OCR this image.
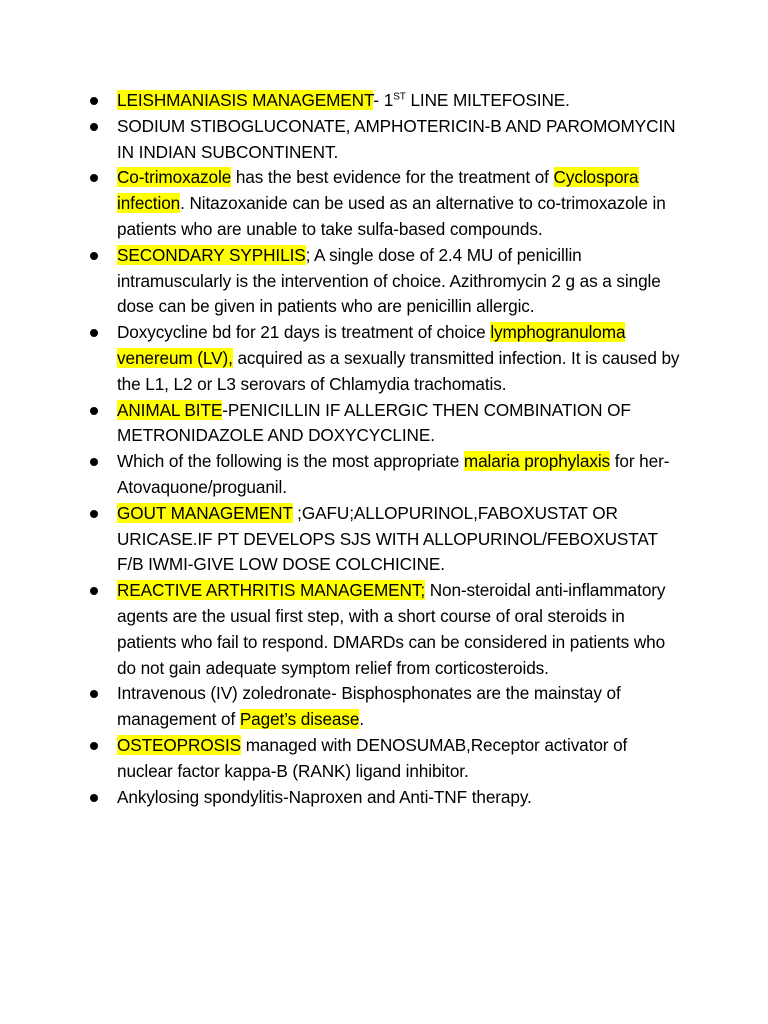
LEISHMANIASIS MANAGEMENT- 1ST LINE MILTEFOSINE.
SODIUM STIBOGLUCONATE, AMPHOTERICIN-B AND PAROMOMYCIN IN INDIAN SUBCONTINENT.
Co-trimoxazole has the best evidence for the treatment of Cyclospora infection. Nitazoxanide can be used as an alternative to co-trimoxazole in patients who are unable to take sulfa-based compounds.
SECONDARY SYPHILIS; A single dose of 2.4 MU of penicillin intramuscularly is the intervention of choice. Azithromycin 2 g as a single dose can be given in patients who are penicillin allergic.
Doxycycline bd for 21 days is treatment of choice lymphogranuloma venereum (LV), acquired as a sexually transmitted infection. It is caused by the L1, L2 or L3 serovars of Chlamydia trachomatis.
ANIMAL BITE-PENICILLIN IF ALLERGIC THEN COMBINATION OF METRONIDAZOLE AND DOXYCYCLINE.
Which of the following is the most appropriate malaria prophylaxis for her-Atovaquone/proguanil.
GOUT MANAGEMENT ;GAFU;ALLOPURINOL,FABOXUSTAT OR URICASE.IF PT DEVELOPS SJS WITH ALLOPURINOL/FEBOXUSTAT F/B IWMI-GIVE LOW DOSE COLCHICINE.
REACTIVE ARTHRITIS MANAGEMENT; Non-steroidal anti-inflammatory agents are the usual first step, with a short course of oral steroids in patients who fail to respond. DMARDs can be considered in patients who do not gain adequate symptom relief from corticosteroids.
Intravenous (IV) zoledronate- Bisphosphonates are the mainstay of management of Paget’s disease.
OSTEOPROSIS managed with DENOSUMAB,Receptor activator of nuclear factor kappa-B (RANK) ligand inhibitor.
Ankylosing spondylitis-Naproxen and Anti-TNF therapy.
